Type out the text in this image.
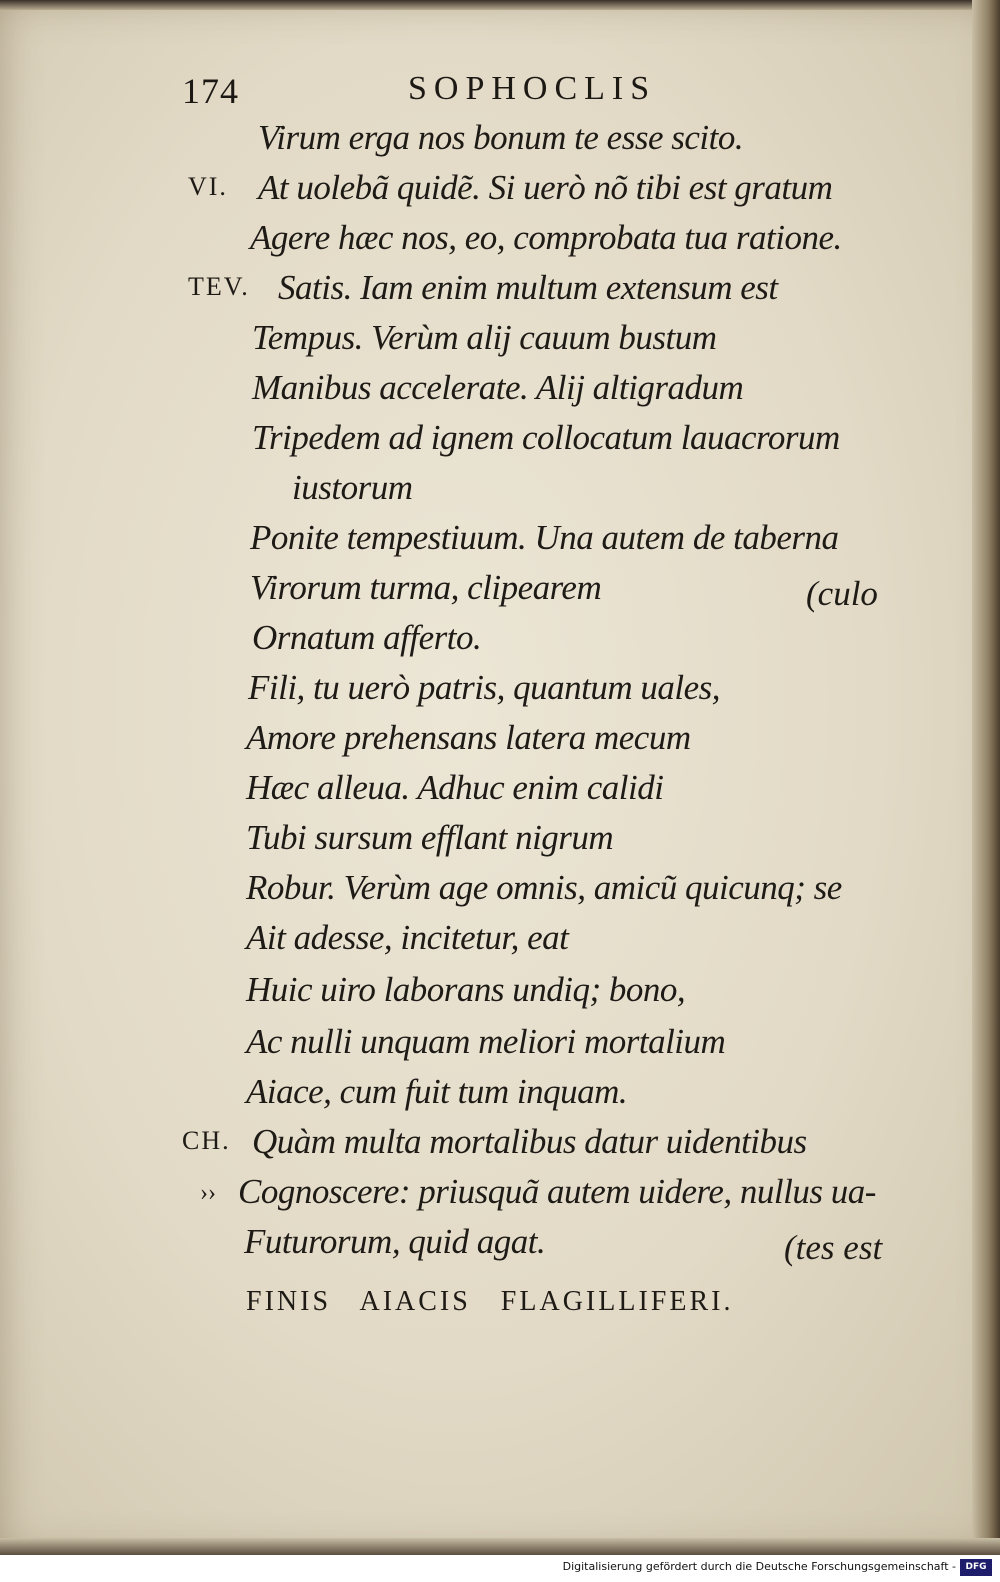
174	SOPHOCLIS
VI.
TEV.
CH.
››
Virum erga nos bonum te esse scito.
At uolebã quidẽ. Si uerò nõ tibi est gratum
Agere hæc nos, eo, comprobata tua ratione.
Satis. Iam enim multum extensum est
Tempus. Verùm alij cauum bustum
Manibus accelerate. Alij altigradum
Tripedem ad ignem collocatum lauacrorum
iustorum
Ponite tempestiuum. Una autem de taberna
Virorum turma, clipearem	(culo
Ornatum afferto.
Fili, tu uerò patris, quantum uales,
Amore prehensans latera mecum
Hæc alleua. Adhuc enim calidi
Tubi sursum efflant nigrum
Robur. Verùm age omnis, amicũ quicunq; se
Ait adesse, incitetur, eat
Huic uiro laborans undiq; bono,
Ac nulli unquam meliori mortalium
Aiace, cum fuit tum inquam.
Quàm multa mortalibus datur uidentibus
Cognoscere: priusquã autem uidere, nullus ua-
Futurorum, quid agat.	(tes est
FINIS AIACIS FLAGILLIFERI.
Digitalisierung gefördert durch die Deutsche Forschungsgemeinschaft -	DFG
